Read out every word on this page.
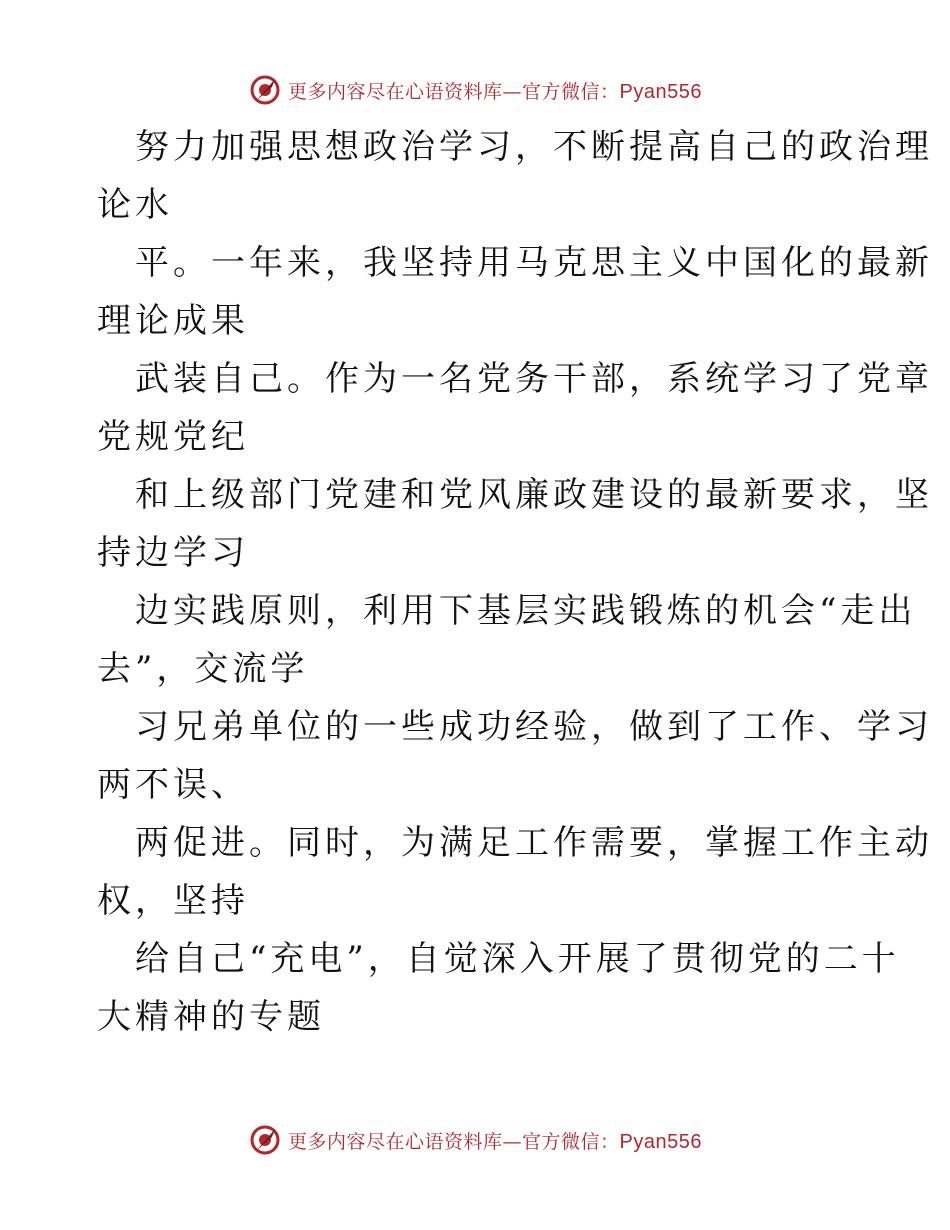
更多内容尽在心语资料库—官方微信：Pyan556
努力加强思想政治学习，不断提高自己的政治理
论水
平。一年来，我坚持用马克思主义中国化的最新
理论成果
武装自己。作为一名党务干部，系统学习了党章
党规党纪
和上级部门党建和党风廉政建设的最新要求，坚
持边学习
边实践原则，利用下基层实践锻炼的机会“走出
去”，交流学
习兄弟单位的一些成功经验，做到了工作、学习
两不误、
两促进。同时，为满足工作需要，掌握工作主动
权，坚持
给自己“充电”，自觉深入开展了贯彻党的二十
大精神的专题
更多内容尽在心语资料库—官方微信：Pyan556
